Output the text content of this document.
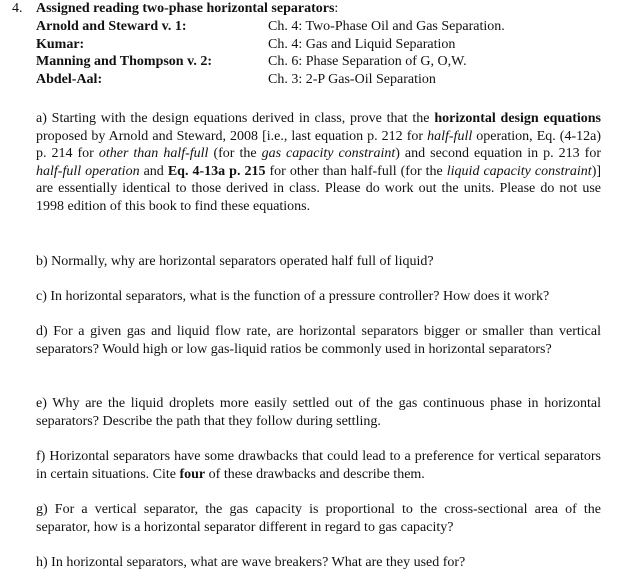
4. Assigned reading two-phase horizontal separators:
Arnold and Steward v. 1:	Ch. 4: Two-Phase Oil and Gas Separation.
Kumar:	Ch. 4: Gas and Liquid Separation
Manning and Thompson v. 2:	Ch. 6: Phase Separation of G, O,W.
Abdel-Aal:	Ch. 3: 2-P Gas-Oil Separation

a) Starting with the design equations derived in class, prove that the horizontal design equations proposed by Arnold and Steward, 2008 [i.e., last equation p. 212 for half-full operation, Eq. (4-12a) p. 214 for other than half-full (for the gas capacity constraint) and second equation in p. 213 for half-full operation and Eq. 4-13a p. 215 for other than half-full (for the liquid capacity constraint)] are essentially identical to those derived in class. Please do work out the units. Please do not use 1998 edition of this book to find these equations.

b) Normally, why are horizontal separators operated half full of liquid?

c) In horizontal separators, what is the function of a pressure controller? How does it work?

d) For a given gas and liquid flow rate, are horizontal separators bigger or smaller than vertical separators? Would high or low gas-liquid ratios be commonly used in horizontal separators?

e) Why are the liquid droplets more easily settled out of the gas continuous phase in horizontal separators? Describe the path that they follow during settling.

f) Horizontal separators have some drawbacks that could lead to a preference for vertical separators in certain situations. Cite four of these drawbacks and describe them.

g) For a vertical separator, the gas capacity is proportional to the cross-sectional area of the separator, how is a horizontal separator different in regard to gas capacity?

h) In horizontal separators, what are wave breakers? What are they used for?
